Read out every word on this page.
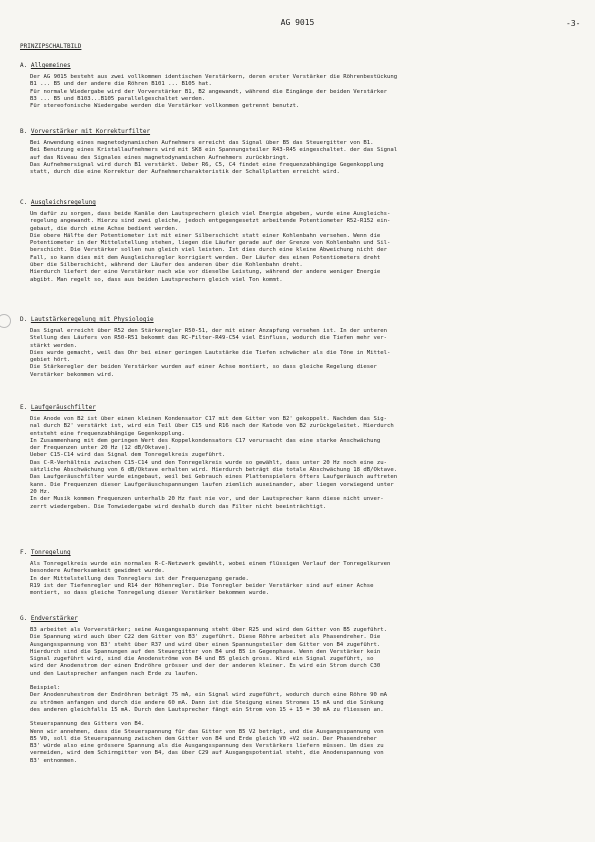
AG 9015	-3-
PRINZIPSCHALTBILD
A. Allgemeines
Der AG 9015 besteht aus zwei vollkommen identischen Verstärkern, deren erster Verstärker die Röhrenbestückung
B1 ... B5 und der andere die Röhren B101 ... B105 hat.
Für normale Wiedergabe wird der Vorverstärker B1, B2 angewandt, während die Eingänge der beiden Verstärker
B3 ... B5 und B103...B105 parallelgeschaltet werden.
Für stereofonische Wiedergabe werden die Verstärker vollkommen getrennt benutzt.
B. Vorverstärker mit Korrekturfilter
Bei Anwendung eines magnetodynamischen Aufnehmers erreicht das Signal über B5 das Steuergitter von B1.
Bei Benutzung eines Kristallaufnehmers wird mit SK8 ein Spannungsteiler R43-R45 eingeschaltet. der das Signal
auf das Niveau des Signales eines magnetodynamischen Aufnehmers zurückbringt.
Das Aufnehmersignal wird durch B1 verstärkt. Ueber R6, C5, C4 findet eine frequenzabhängige Gegenkopplung
statt, durch die eine Korrektur der Aufnehmercharakteristik der Schallplatten erreicht wird.
C. Ausgleichsregelung
Um dafür zu sorgen, dass beide Kanäle den Lautsprechern gleich viel Energie abgeben, wurde eine Ausgleichs-
regelung angewandt. Hierzu sind zwei gleiche, jedoch entgegengesetzt arbeitende Potentiometer R52-R152 ein-
gebaut, die durch eine Achse bedient werden.
Die obere Hälfte der Potentiometer ist mit einer Silberschicht statt einer Kohlenbahn versehen. Wenn die
Potentiometer in der Mittelstellung stehen, liegen die Läufer gerade auf der Grenze von Kohlenbahn und Sil-
berschicht. Die Verstärker sollen nun gleich viel leisten. Ist dies durch eine kleine Abweichung nicht der
Fall, so kann dies mit dem Ausgleichsregler korrigiert werden. Der Läufer des einen Potentiometers dreht
über die Silberschicht, während der Läufer des anderen über die Kohlenbahn dreht.
Hierdurch liefert der eine Verstärker nach wie vor dieselbe Leistung, während der andere weniger Energie
abgibt. Man regelt so, dass aus beiden Lautsprechern gleich viel Ton kommt.
D. Lautstärkeregelung mit Physiologie
Das Signal erreicht über R52 den Stärkeregler R50-51, der mit einer Anzapfung versehen ist. In der unteren
Stellung des Läufers von R50-R51 bekommt das RC-Filter-R49-C54 viel Einfluss, wodurch die Tiefen mehr ver-
stärkt werden.
Dies wurde gemacht, weil das Ohr bei einer geringen Lautstärke die Tiefen schwächer als die Töne in Mittel-
gebiet hört.
Die Stärkeregler der beiden Verstärker wurden auf einer Achse montiert, so dass gleiche Regelung dieser
Verstärker bekommen wird.
E. Laufgeräuschfilter
Die Anode von B2 ist über einen kleinen Kondensator C17 mit dem Gitter von B2' gekoppelt. Nachdem das Sig-
nal durch B2' verstärkt ist, wird ein Teil über C15 und R16 nach der Katode von B2 zurückgeleitet. Hierdurch
entsteht eine frequenzabhängige Gegenkopplung.
In Zusammenhang mit dem geringen Wert des Koppelkondensators C17 verursacht das eine starke Anschwächung
der Frequenzen unter 20 Hz (12 dB/Oktave).
Ueber C15-C14 wird das Signal dem Tonregelkreis zugeführt.
Das C-R-Verhältnis zwischen C15-C14 und den Tonregelkreis wurde so gewählt, dass unter 20 Hz noch eine zu-
sätzliche Abschwächung von 6 dB/Oktave erhalten wird. Hierdurch beträgt die totale Abschwächung 18 dB/Oktave.
Das Laufgeräuschfilter wurde eingebaut, weil bei Gebrauch eines Plattenspielers öfters Laufgeräusch auftreten
kann. Die Frequenzen dieser Laufgeräuschspannungen laufen ziemlich auseinander, aber liegen vorwiegend unter
20 Hz.
In der Musik kommen Frequenzen unterhalb 20 Hz fast nie vor, und der Lautsprecher kann diese nicht unver-
zerrt wiedergeben. Die Tonwiedergabe wird deshalb durch das Filter nicht beeinträchtigt.
F. Tonregelung
Als Tonregelkreis wurde ein normales R-C-Netzwerk gewählt, wobei einem flüssigen Verlauf der Tonregelkurven
besondere Aufmerksamkeit gewidmet wurde.
In der Mittelstellung des Tonreglers ist der Frequenzgang gerade.
R19 ist der Tiefenregler und R14 der Höhenregler. Die Tonregler beider Verstärker sind auf einer Achse
montiert, so dass gleiche Tonregelung dieser Verstärker bekommen wurde.
G. Endverstärker
B3 arbeitet als Vorverstärker; seine Ausgangsspannung steht über R25 und wird dem Gitter von B5 zugeführt.
Die Spannung wird auch über C22 dem Gitter von B3' zugeführt. Diese Röhre arbeitet als Phasendreher. Die
Ausgangsspannung von B3' steht über R37 und wird über einen Spannungsteiler dem Gitter von B4 zugeführt.
Hierdurch sind die Spannungen auf den Steuergitter von B4 und B5 in Gegenphase. Wenn den Verstärker kein
Signal zugeführt wird, sind die Anodenströme von B4 und B5 gleich gross. Wird ein Signal zugeführt, so
wird der Anodenstrom der einen Endröhre grösser und der der anderen kleiner. Es wird ein Strom durch C30
und den Lautsprecher anfangen nach Erde zu laufen.
Beispiel:
Der Anodenruhestrom der Endröhren beträgt 75 mA, ein Signal wird zugeführt, wodurch durch eine Röhre 90 mA
zu strömen anfangen und durch die andere 60 mA. Dann ist die Steigung eines Stromes 15 mA und die Sinkung
des anderen gleichfalls 15 mA. Durch den Lautsprecher fängt ein Strom von 15 + 15 = 30 mA zu fliessen an.
Steuerspannung des Gitters von B4.
Wenn wir annehmen, dass die Steuerspannung für das Gitter von B5 V2 beträgt, und die Ausgangsspannung von
B5 V0, soll die Steuerspannung zwischen dem Gitter von B4 und Erde gleich V0 +V2 sein. Der Phasendreher
B3' würde also eine grössere Spannung als die Ausgangsspannung des Verstärkers liefern müssen. Um dies zu
vermeiden, wird dem Schirmgitter von B4, das über C29 auf Ausgangspotential steht, die Anodenspannung von
B3' entnommen.
